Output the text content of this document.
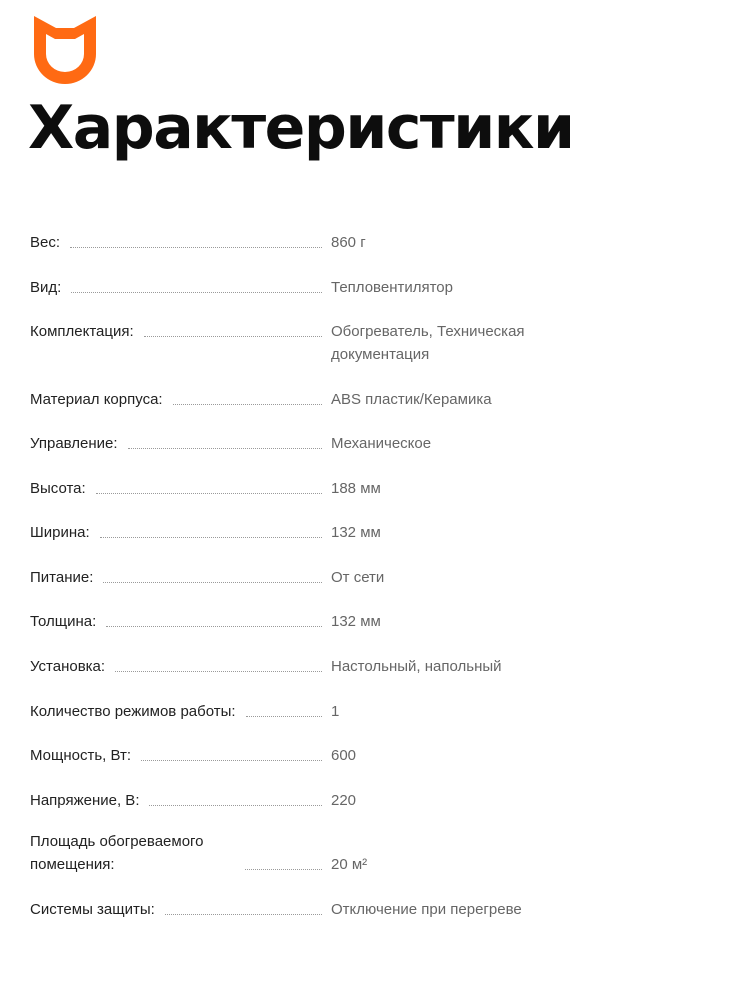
Характеристики
Вес:	860 г
Вид:	Тепловентилятор
Комплектация:	Обогреватель, Техническая документация
Материал корпуса:	ABS пластик/Керамика
Управление:	Механическое
Высота:	188 мм
Ширина:	132 мм
Питание:	От сети
Толщина:	132 мм
Установка:	Настольный, напольный
Количество режимов работы:	1
Мощность, Вт:	600
Напряжение, В:	220
Площадь обогреваемого помещения:	20 м²
Системы защиты:	Отключение при перегреве
